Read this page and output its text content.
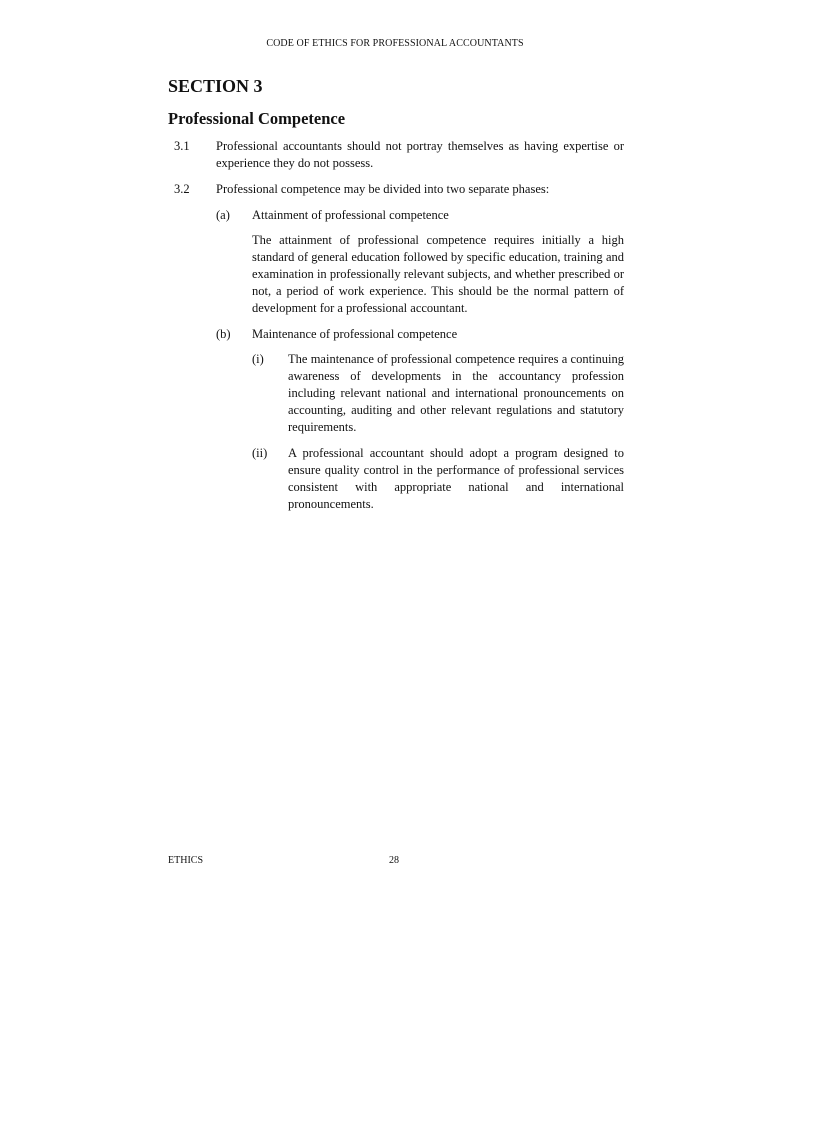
CODE OF ETHICS FOR PROFESSIONAL ACCOUNTANTS
SECTION 3
Professional Competence
3.1 Professional accountants should not portray themselves as having expertise or experience they do not possess.
3.2 Professional competence may be divided into two separate phases:
(a) Attainment of professional competence
The attainment of professional competence requires initially a high standard of general education followed by specific education, training and examination in professionally relevant subjects, and whether prescribed or not, a period of work experience. This should be the normal pattern of development for a professional accountant.
(b) Maintenance of professional competence
(i) The maintenance of professional competence requires a continuing awareness of developments in the accountancy profession including relevant national and international pronouncements on accounting, auditing and other relevant regulations and statutory requirements.
(ii) A professional accountant should adopt a program designed to ensure quality control in the performance of professional services consistent with appropriate national and international pronouncements.
ETHICS	28
